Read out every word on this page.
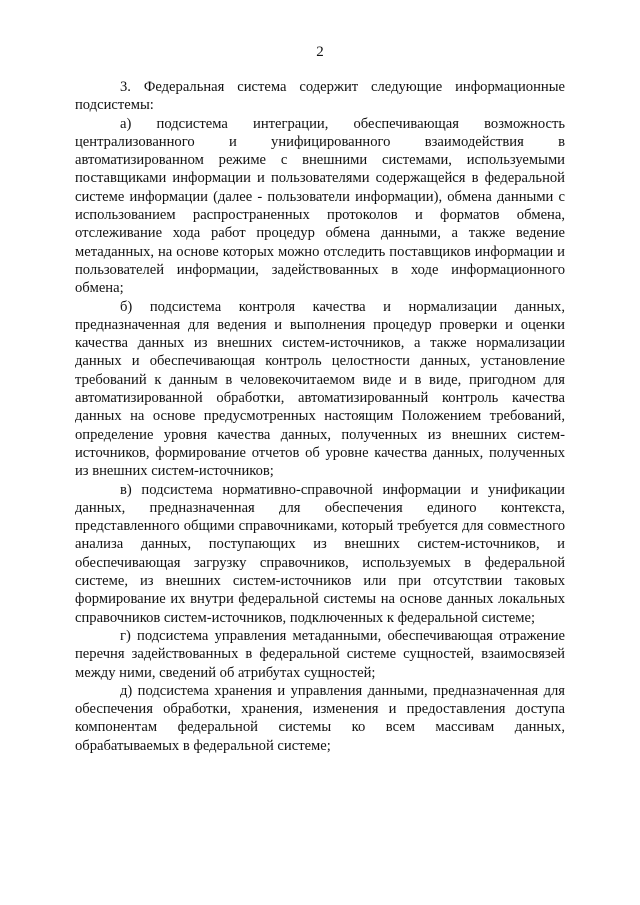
2

3. Федеральная система содержит следующие информационные подсистемы:

а) подсистема интеграции, обеспечивающая возможность централизованного и унифицированного взаимодействия в автоматизированном режиме с внешними системами, используемыми поставщиками информации и пользователями содержащейся в федеральной системе информации (далее - пользователи информации), обмена данными с использованием распространенных протоколов и форматов обмена, отслеживание хода работ процедур обмена данными, а также ведение метаданных, на основе которых можно отследить поставщиков информации и пользователей информации, задействованных в ходе информационного обмена;

б) подсистема контроля качества и нормализации данных, предназначенная для ведения и выполнения процедур проверки и оценки качества данных из внешних систем-источников, а также нормализации данных и обеспечивающая контроль целостности данных, установление требований к данным в человекочитаемом виде и в виде, пригодном для автоматизированной обработки, автоматизированный контроль качества данных на основе предусмотренных настоящим Положением требований, определение уровня качества данных, полученных из внешних систем-источников, формирование отчетов об уровне качества данных, полученных из внешних систем-источников;

в) подсистема нормативно-справочной информации и унификации данных, предназначенная для обеспечения единого контекста, представленного общими справочниками, который требуется для совместного анализа данных, поступающих из внешних систем-источников, и обеспечивающая загрузку справочников, используемых в федеральной системе, из внешних систем-источников или при отсутствии таковых формирование их внутри федеральной системы на основе данных локальных справочников систем-источников, подключенных к федеральной системе;

г) подсистема управления метаданными, обеспечивающая отражение перечня задействованных в федеральной системе сущностей, взаимосвязей между ними, сведений об атрибутах сущностей;

д) подсистема хранения и управления данными, предназначенная для обеспечения обработки, хранения, изменения и предоставления доступа компонентам федеральной системы ко всем массивам данных, обрабатываемых в федеральной системе;
